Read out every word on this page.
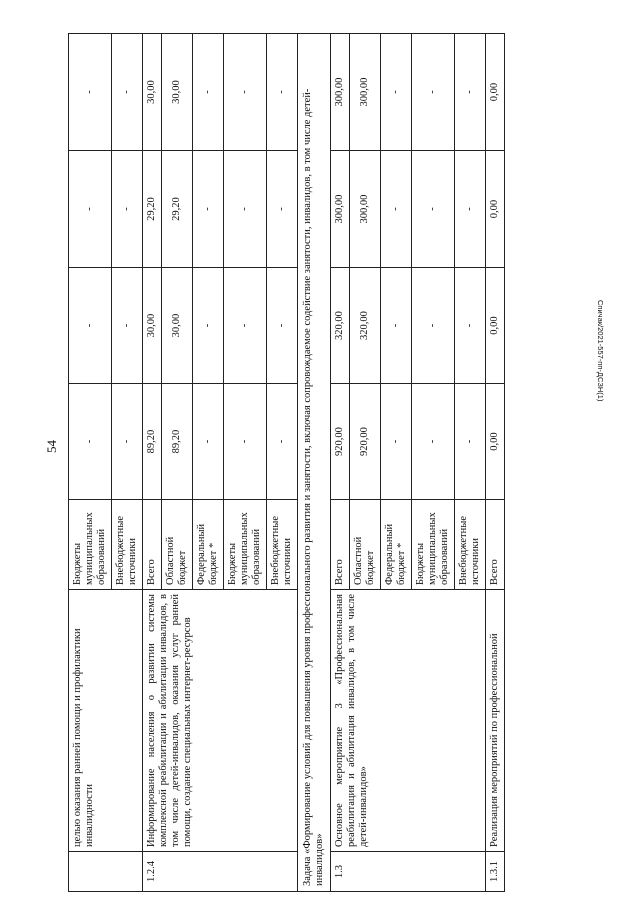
54
Спичак/2021-557-пп-ДСЗН(1)
	целью оказания ранней помощи и профилактики инвалидности	Бюджеты муниципальных образований	-	-	-	-
		Внебюджетные источники	-	-	-	-
1.2.4	Информирование населения о развитии системы комплексной реабилитации и абилитации инвалидов, в том числе детей-инвалидов, оказания услуг ранней помощи, создание специальных интернет-ресурсов	Всего	89,20	30,00	29,20	30,00
		Областной бюджет	89,20	30,00	29,20	30,00
		Федеральный бюджет *	-	-	-	-
		Бюджеты муниципальных образований	-	-	-	-
		Внебюджетные источники	-	-	-	-
Задача «Формирование условий для повышения уровня профессионального развития и занятости, включая сопровождаемое содействие занятости, инвалидов, в том числе детей-инвалидов»						
1.3	Основное мероприятие 3 «Профессиональная реабилитация и абилитация инвалидов, в том числе детей-инвалидов»	Всего	920,00	320,00	300,00	300,00
		Областной бюджет	920,00	320,00	300,00	300,00
		Федеральный бюджет *	-	-	-	-
		Бюджеты муниципальных образований	-	-	-	-
		Внебюджетные источники	-	-	-	-
1.3.1	Реализация мероприятий по профессиональной	Всего	0,00	0,00	0,00	0,00
